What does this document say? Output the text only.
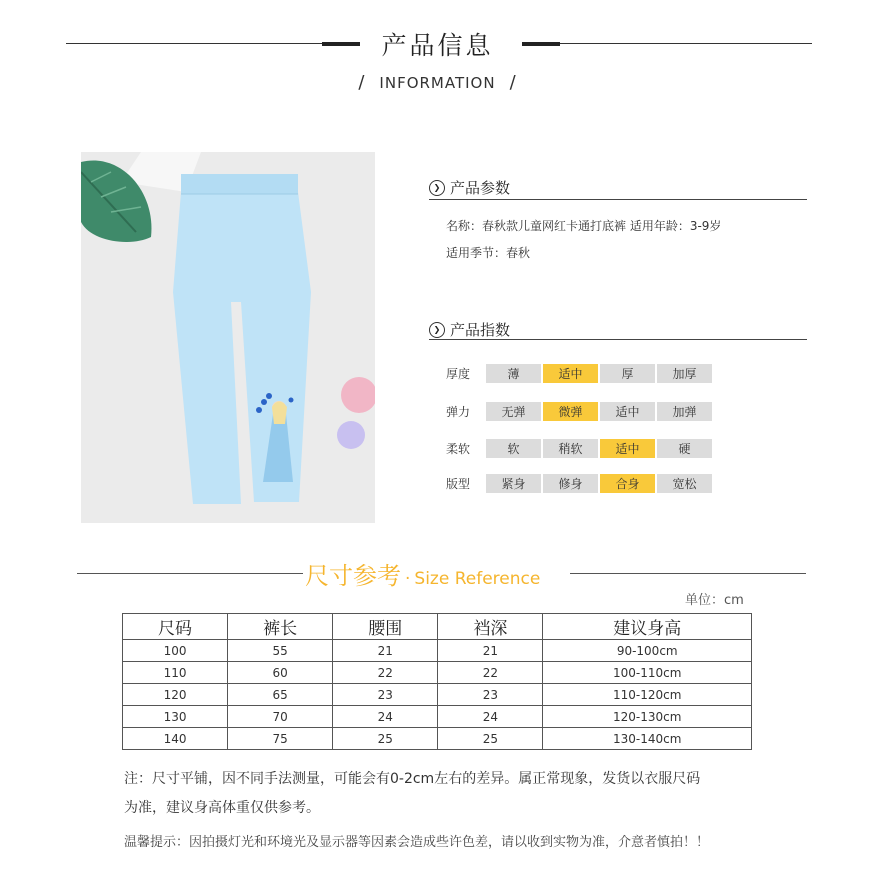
产品信息
/ INFORMATION /
❯ 产品参数
名称：春秋款儿童网红卡通打底裤 适用年龄：3-9岁
适用季节：春秋
❯ 产品指数
厚度	薄	适中	厚	加厚
弹力	无弹	微弹	适中	加弹
柔软	软	稍软	适中	硬
版型	紧身	修身	合身	宽松
尺寸参考 · Size Reference
单位：cm
尺码	裤长	腰围	裆深	建议身高
100	55	21	21	90-100cm
110	60	22	22	100-110cm
120	65	23	23	110-120cm
130	70	24	24	120-130cm
140	75	25	25	130-140cm
注：尺寸平铺，因不同手法测量，可能会有0-2cm左右的差异。属正常现象，发货以衣服尺码
为准，建议身高体重仅供参考。
温馨提示：因拍摄灯光和环境光及显示器等因素会造成些许色差，请以收到实物为准，介意者慎拍！！
